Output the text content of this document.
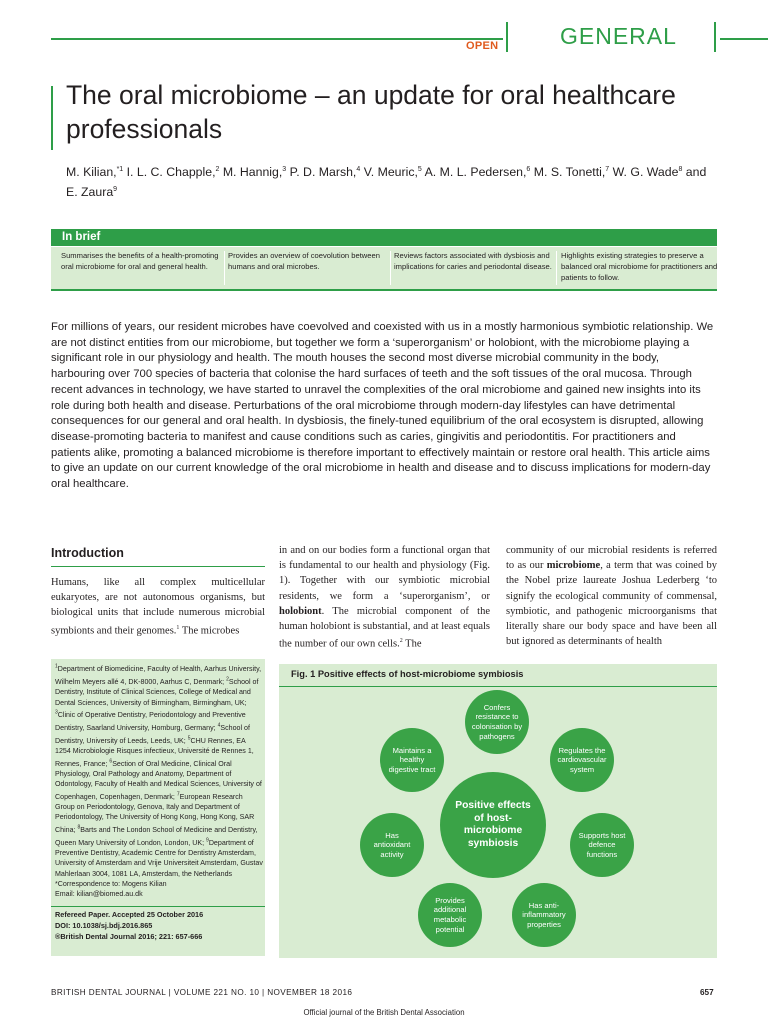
OPEN	GENERAL
The oral microbiome – an update for oral healthcare professionals
M. Kilian,$^{*1}$ I. L. C. Chapple,$^2$ M. Hannig,$^3$ P. D. Marsh,$^4$ V. Meuric,$^5$ A. M. L. Pedersen,$^6$ M. S. Tonetti,$^7$ W. G. Wade$^8$ and E. Zaura$^9$
In brief
Summarises the benefits of a health-promoting oral microbiome for oral and general health.
Provides an overview of coevolution between humans and oral microbes.
Reviews factors associated with dysbiosis and implications for caries and periodontal disease.
Highlights existing strategies to preserve a balanced oral microbiome for practitioners and patients to follow.
For millions of years, our resident microbes have coevolved and coexisted with us in a mostly harmonious symbiotic relationship. We are not distinct entities from our microbiome, but together we form a ‘superorganism’ or holobiont, with the microbiome playing a significant role in our physiology and health. The mouth houses the second most diverse microbial community in the body, harbouring over 700 species of bacteria that colonise the hard surfaces of teeth and the soft tissues of the oral mucosa. Through recent advances in technology, we have started to unravel the complexities of the oral microbiome and gained new insights into its role during both health and disease. Perturbations of the oral microbiome through modern-day lifestyles can have detrimental consequences for our general and oral health. In dysbiosis, the finely-tuned equilibrium of the oral ecosystem is disrupted, allowing disease-promoting bacteria to manifest and cause conditions such as caries, gingivitis and periodontitis. For practitioners and patients alike, promoting a balanced microbiome is therefore important to effectively maintain or restore oral health. This article aims to give an update on our current knowledge of the oral microbiome in health and disease and to discuss implications for modern-day oral healthcare.
Introduction
Humans, like all complex multicellular eukaryotes, are not autonomous organisms, but biological units that include numerous microbial symbionts and their genomes.$^1$ The microbes
in and on our bodies form a functional organ that is fundamental to our health and physiology (Fig. 1). Together with our symbiotic microbial residents, we form a ‘superorganism’, or holobiont. The microbial component of the human holobiont is substantial, and at least equals the number of our own cells.$^2$ The
community of our microbial residents is referred to as our microbiome, a term that was coined by the Nobel prize laureate Joshua Lederberg ‘to signify the ecological community of commensal, symbiotic, and pathogenic microorganisms that literally share our body space and have been all but ignored as determinants of health
$^1$Department of Biomedicine, Faculty of Health, Aarhus University, Wilhelm Meyers allé 4, DK-8000, Aarhus C, Denmark; $^2$School of Dentistry, Institute of Clinical Sciences, College of Medical and Dental Sciences, University of Birmingham, Birmingham, UK; $^3$Clinic of Operative Dentistry, Periodontology and Preventive Dentistry, Saarland University, Homburg, Germany; $^4$School of Dentistry, University of Leeds, Leeds, UK; $^5$CHU Rennes, EA 1254 Microbiologie Risques infectieux, Université de Rennes 1, Rennes, France; $^6$Section of Oral Medicine, Clinical Oral Physiology, Oral Pathology and Anatomy, Department of Odontology, Faculty of Health and Medical Sciences, University of Copenhagen, Copenhagen, Denmark; $^7$European Research Group on Periodontology, Genova, Italy and Department of Periodontology, The University of Hong Kong, Hong Kong, SAR China; $^8$Barts and The London School of Medicine and Dentistry, Queen Mary University of London, London, UK; $^9$Department of Preventive Dentistry, Academic Centre for Dentistry Amsterdam, University of Amsterdam and Vrije Universiteit Amsterdam, Gustav Mahlerlaan 3004, 1081 LA, Amsterdam, the Netherlands
*Correspondence to: Mogens Kilian
Email: kilian@biomed.au.dk
Refereed Paper. Accepted 25 October 2016
DOI: 10.1038/sj.bdj.2016.865
®British Dental Journal 2016; 221: 657-666
Fig. 1 Positive effects of host-microbiome symbiosis
Positive effects of host-microbiome symbiosis
Confers resistance to colonisation by pathogens
Regulates the cardiovascular system
Supports host defence functions
Has anti-inflammatory properties
Provides additional metabolic potential
Has antioxidant activity
Maintains a healthy digestive tract
BRITISH DENTAL JOURNAL | VOLUME 221 NO. 10 | NOVEMBER 18 2016	657
Official journal of the British Dental Association
